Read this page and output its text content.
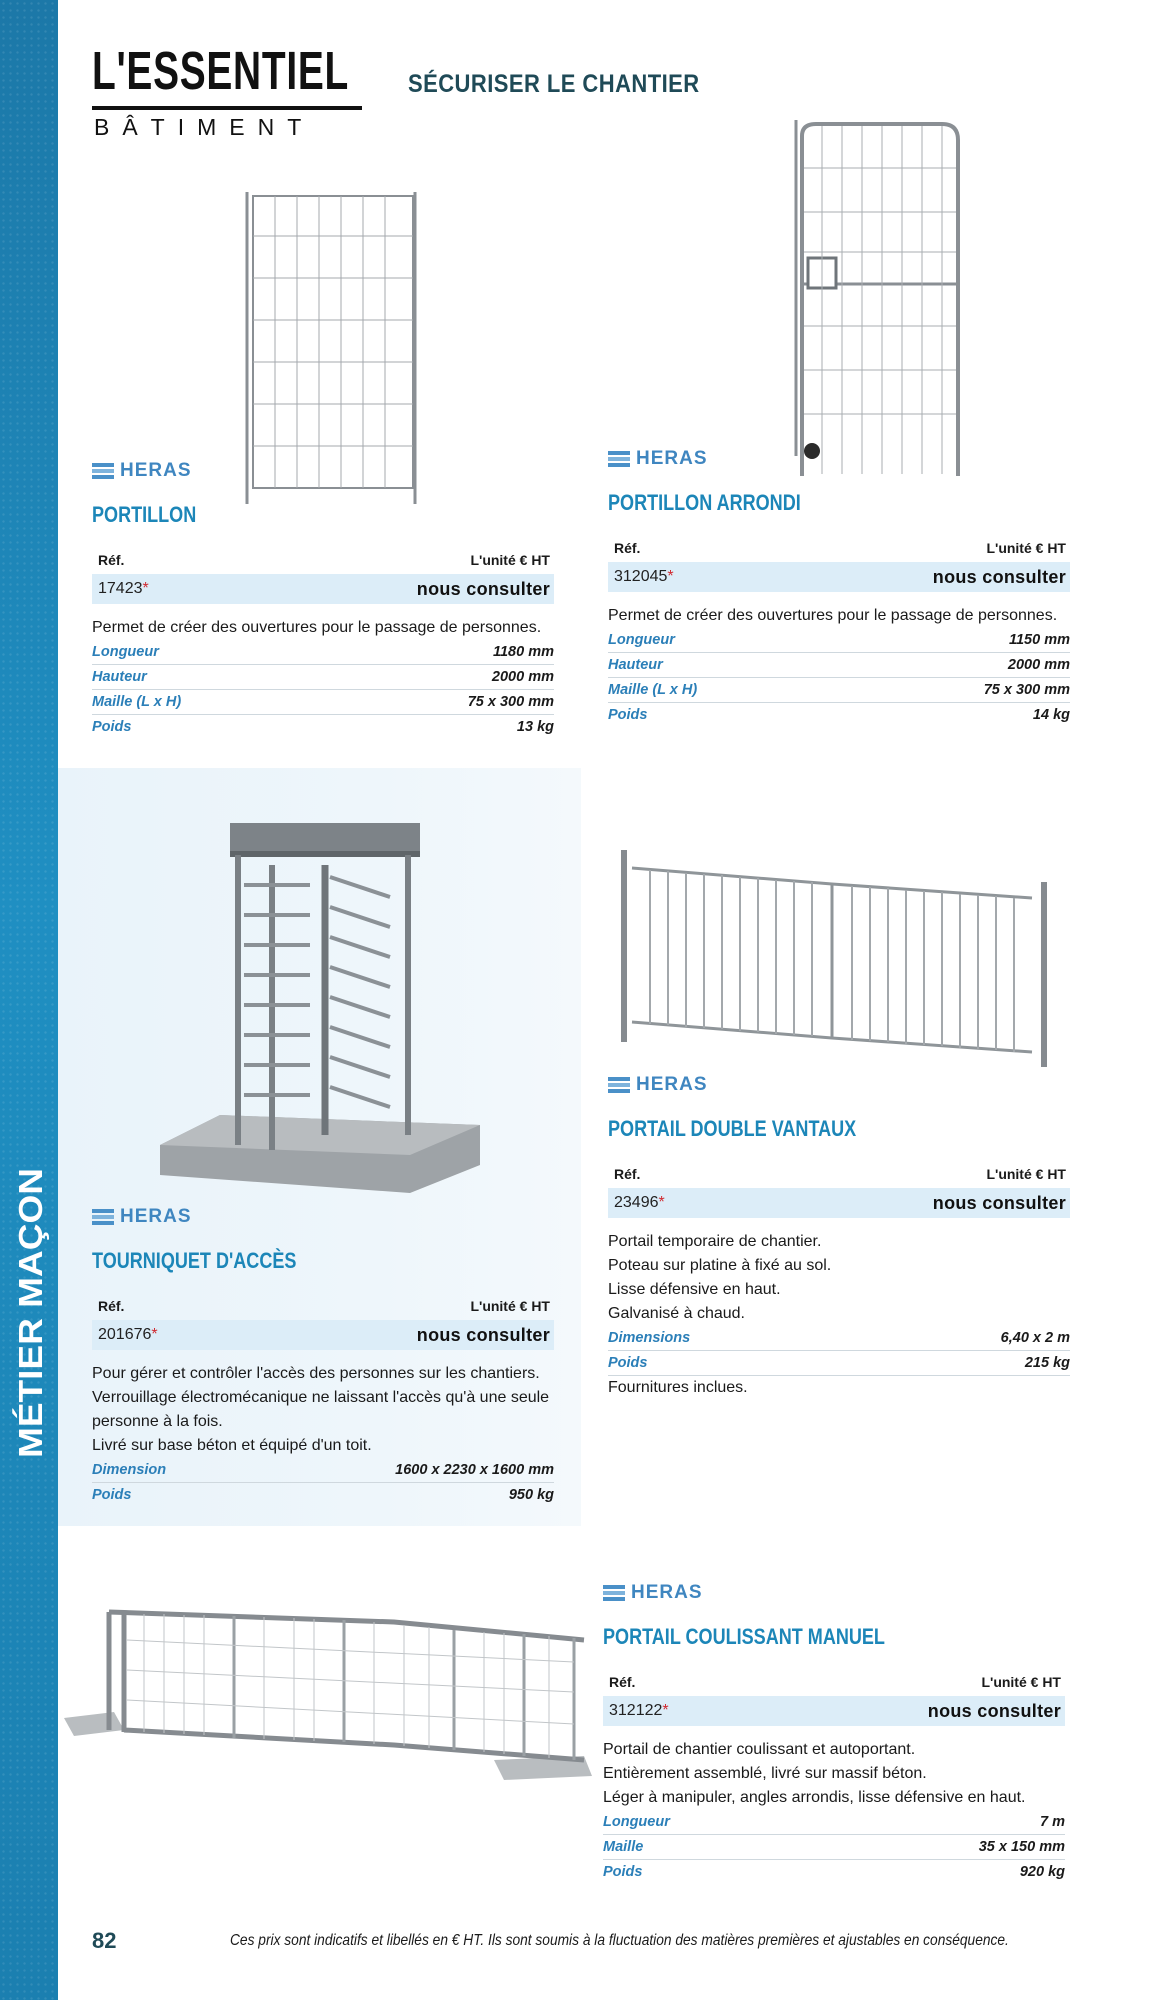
MÉTIER MAÇON
L'ESSENTIEL
BÂTIMENT
SÉCURISER LE CHANTIER
HERAS
PORTILLON
Réf.	L'unité € HT
17423*	nous consulter
Permet de créer des ouvertures pour le passage de personnes.
Longueur	1180 mm
Hauteur	2000 mm
Maille (L x H)	75 x 300 mm
Poids	13 kg
HERAS
PORTILLON ARRONDI
Réf.	L'unité € HT
312045*	nous consulter
Permet de créer des ouvertures pour le passage de personnes.
Longueur	1150 mm
Hauteur	2000 mm
Maille (L x H)	75 x 300 mm
Poids	14 kg
HERAS
TOURNIQUET D'ACCÈS
Réf.	L'unité € HT
201676*	nous consulter
Pour gérer et contrôler l'accès des personnes sur les chantiers.
Verrouillage électromécanique ne laissant l'accès qu'à une seule personne à la fois.
Livré sur base béton et équipé d'un toit.
Dimension	1600 x 2230 x 1600 mm
Poids	950 kg
HERAS
PORTAIL DOUBLE VANTAUX
Réf.	L'unité € HT
23496*	nous consulter
Portail temporaire de chantier.
Poteau sur platine à fixé au sol.
Lisse défensive en haut.
Galvanisé à chaud.
Dimensions	6,40 x 2 m
Poids	215 kg
Fournitures inclues.
HERAS
PORTAIL COULISSANT MANUEL
Réf.	L'unité € HT
312122*	nous consulter
Portail de chantier coulissant et autoportant.
Entièrement assemblé, livré sur massif béton.
Léger à manipuler, angles arrondis, lisse défensive en haut.
Longueur	7 m
Maille	35 x 150 mm
Poids	920 kg
82	Ces prix sont indicatifs et libellés en € HT. Ils sont soumis à la fluctuation des matières premières et ajustables en conséquence.
